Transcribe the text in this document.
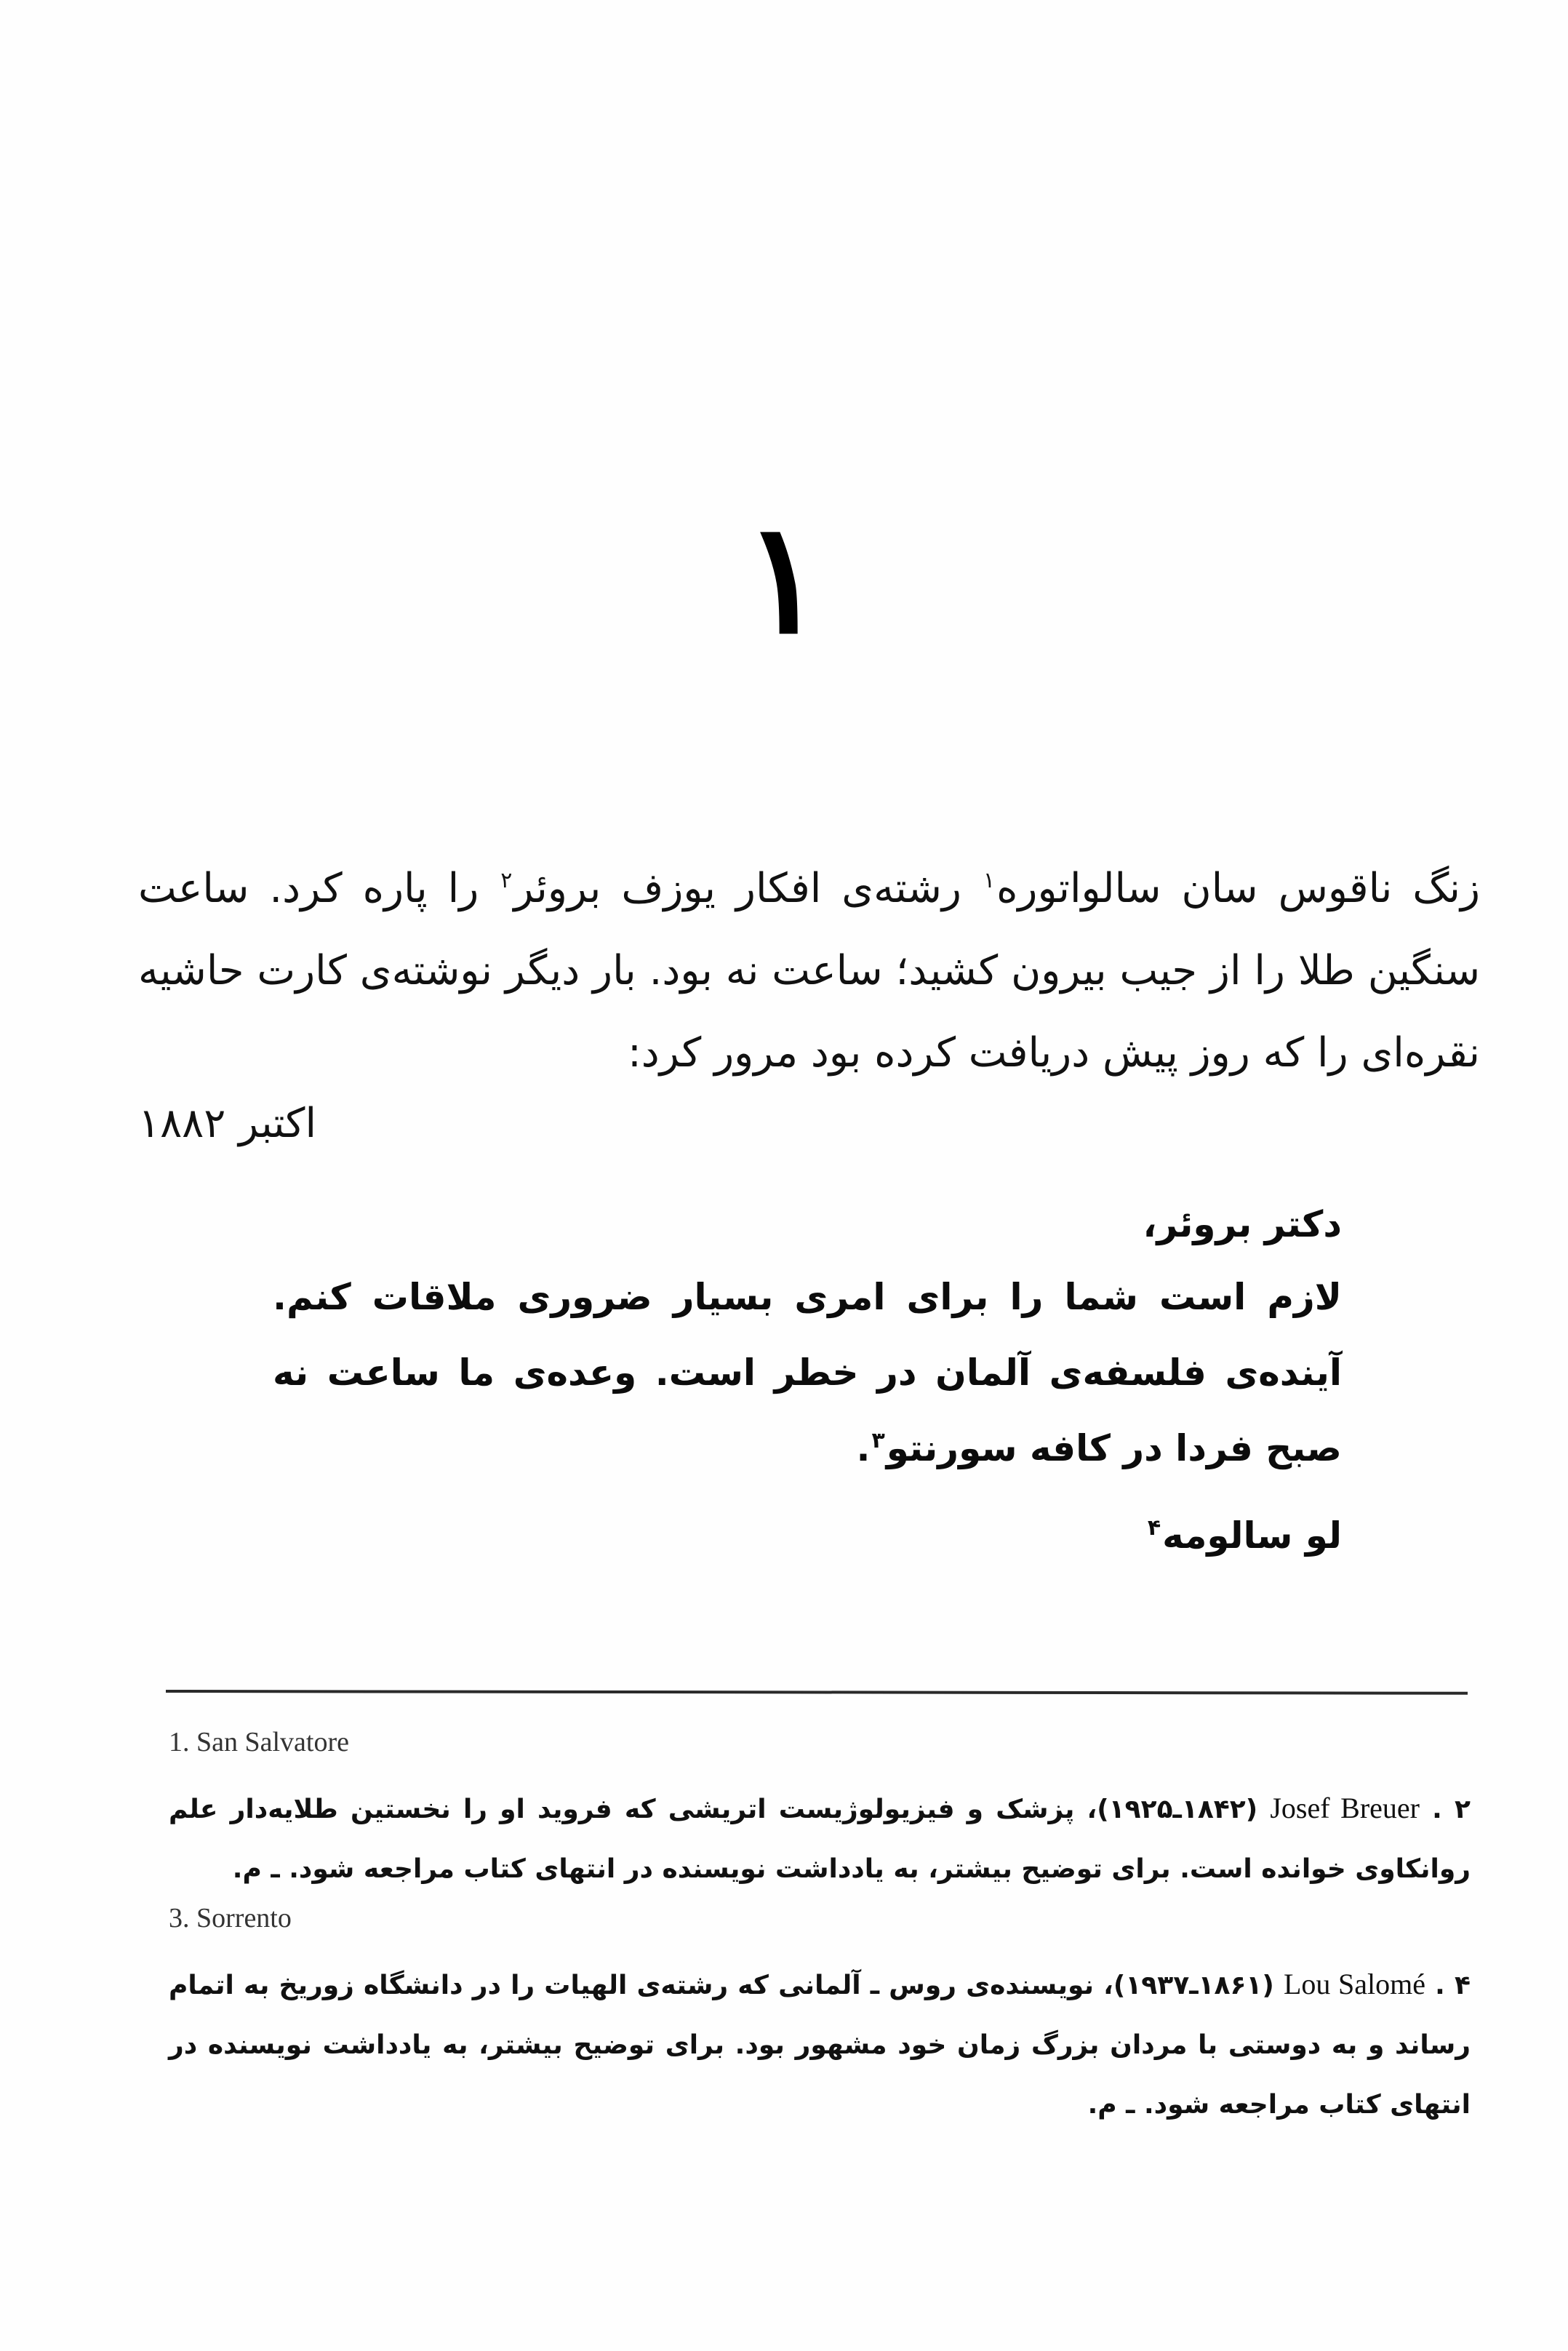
۱

زنگ ناقوس سان سالواتوره$^۱$ رشته‌ی افکار یوزف بروئر$^۲$ را پاره کرد. ساعت سنگین طلا را از جیب بیرون کشید؛ ساعت نه بود. بار دیگر نوشته‌ی کارت حاشیه نقره‌ای را که روز پیش دریافت کرده بود مرور کرد:

اکتبر ۱۸۸۲
دکتر بروئر،
لازم است شما را برای امری بسیار ضروری ملاقات کنم. آینده‌ی فلسفه‌ی آلمان در خطر است. وعده‌ی ما ساعت نه صبح فردا در کافه سورنتو$^۳$.
لو سالومه$^۴$
1. San Salvatore
۲ . Josef Breuer (۱۸۴۲ـ۱۹۲۵)، پزشک و فیزیولوژیست اتریشی که فروید او را نخستین طلایه‌دار علم روانکاوی خوانده است. برای توضیح بیشتر، به یادداشت نویسنده در انتهای کتاب مراجعه شود. ـ م.
3. Sorrento
۴ . Lou Salomé (۱۸۶۱ـ۱۹۳۷)، نویسنده‌ی روس ـ آلمانی که رشته‌ی الهیات را در دانشگاه زوریخ به اتمام رساند و به دوستی با مردان بزرگ زمان خود مشهور بود. برای توضیح بیشتر، به یادداشت نویسنده در انتهای کتاب مراجعه شود. ـ م.
